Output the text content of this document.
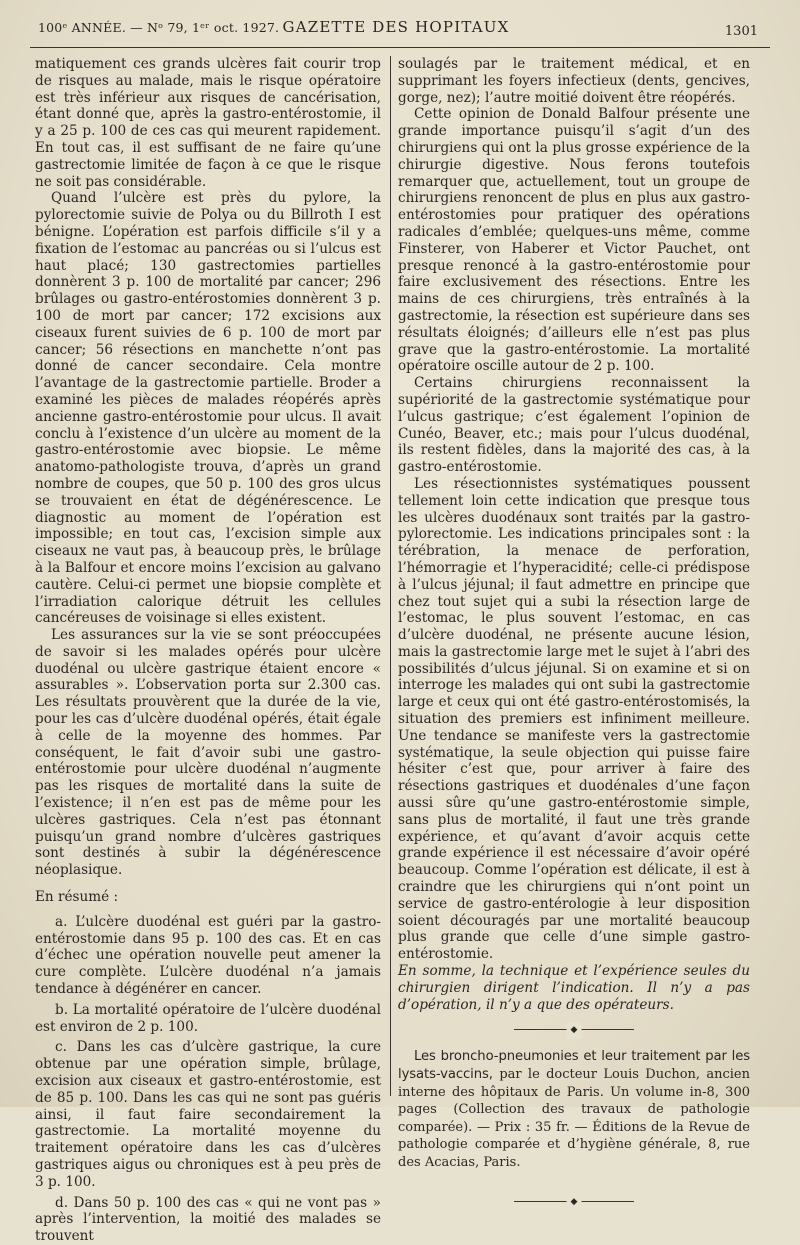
100ᵉ ANNÉE. — Nᵒ 79, 1ᵉʳ oct. 1927. GAZETTE DES HOPITAUX	1301

matiquement ces grands ulcères fait courir trop de risques au malade, mais le risque opératoire est très inférieur aux risques de cancérisation, étant donné que, après la gastro-entérostomie, il y a 25 p. 100 de ces cas qui meurent rapidement. En tout cas, il est suffisant de ne faire qu’une gastrectomie limitée de façon à ce que le risque ne soit pas considérable.

Quand l’ulcère est près du pylore, la pylorectomie suivie de Polya ou du Billroth I est bénigne. L’opération est parfois difficile s’il y a fixation de l’estomac au pancréas ou si l’ulcus est haut placé; 130 gastrectomies partielles donnèrent 3 p. 100 de mortalité par cancer; 296 brûlages ou gastro-entérostomies donnèrent 3 p. 100 de mort par cancer; 172 excisions aux ciseaux furent suivies de 6 p. 100 de mort par cancer; 56 résections en manchette n’ont pas donné de cancer secondaire. Cela montre l’avantage de la gastrectomie partielle. Broder a examiné les pièces de malades réopérés après ancienne gastro-entérostomie pour ulcus. Il avait conclu à l’existence d’un ulcère au moment de la gastro-entérostomie avec biopsie. Le même anatomo-pathologiste trouva, d’après un grand nombre de coupes, que 50 p. 100 des gros ulcus se trouvaient en état de dégénérescence. Le diagnostic au moment de l’opération est impossible; en tout cas, l’excision simple aux ciseaux ne vaut pas, à beaucoup près, le brûlage à la Balfour et encore moins l’excision au galvano cautère. Celui-ci permet une biopsie complète et l’irradiation calorique détruit les cellules cancéreuses de voisinage si elles existent.

Les assurances sur la vie se sont préoccupées de savoir si les malades opérés pour ulcère duodénal ou ulcère gastrique étaient encore « assurables ». L’observation porta sur 2.300 cas. Les résultats prouvèrent que la durée de la vie, pour les cas d’ulcère duodénal opérés, était égale à celle de la moyenne des hommes. Par conséquent, le fait d’avoir subi une gastro-entérostomie pour ulcère duodénal n’augmente pas les risques de mortalité dans la suite de l’existence; il n’en est pas de même pour les ulcères gastriques. Cela n’est pas étonnant puisqu’un grand nombre d’ulcères gastriques sont destinés à subir la dégénérescence néoplasique.

En résumé :

a. L’ulcère duodénal est guéri par la gastro-entérostomie dans 95 p. 100 des cas. Et en cas d’échec une opération nouvelle peut amener la cure complète. L’ulcère duodénal n’a jamais tendance à dégénérer en cancer.

b. La mortalité opératoire de l’ulcère duodénal est environ de 2 p. 100.

c. Dans les cas d’ulcère gastrique, la cure obtenue par une opération simple, brûlage, excision aux ciseaux et gastro-entérostomie, est de 85 p. 100. Dans les cas qui ne sont pas guéris ainsi, il faut faire secondairement la gastrectomie. La mortalité moyenne du traitement opératoire dans les cas d’ulcères gastriques aigus ou chroniques est à peu près de 3 p. 100.

d. Dans 50 p. 100 des cas « qui ne vont pas » après l’intervention, la moitié des malades se trouvent

soulagés par le traitement médical, et en supprimant les foyers infectieux (dents, gencives, gorge, nez); l’autre moitié doivent être réopérés.

Cette opinion de Donald Balfour présente une grande importance puisqu’il s’agit d’un des chirurgiens qui ont la plus grosse expérience de la chirurgie digestive. Nous ferons toutefois remarquer que, actuellement, tout un groupe de chirurgiens renoncent de plus en plus aux gastro-entérostomies pour pratiquer des opérations radicales d’emblée; quelques-uns même, comme Finsterer, von Haberer et Victor Pauchet, ont presque renoncé à la gastro-entérostomie pour faire exclusivement des résections. Entre les mains de ces chirurgiens, très entraînés à la gastrectomie, la résection est supérieure dans ses résultats éloignés; d’ailleurs elle n’est pas plus grave que la gastro-entérostomie. La mortalité opératoire oscille autour de 2 p. 100.

Certains chirurgiens reconnaissent la supériorité de la gastrectomie systématique pour l’ulcus gastrique; c’est également l’opinion de Cunéo, Beaver, etc.; mais pour l’ulcus duodénal, ils restent fidèles, dans la majorité des cas, à la gastro-entérostomie.

Les résectionnistes systématiques poussent tellement loin cette indication que presque tous les ulcères duodénaux sont traités par la gastro-pylorectomie. Les indications principales sont : la térébration, la menace de perforation, l’hémorragie et l’hyperacidité; celle-ci prédispose à l’ulcus jéjunal; il faut admettre en principe que chez tout sujet qui a subi la résection large de l’estomac, le plus souvent l’estomac, en cas d’ulcère duodénal, ne présente aucune lésion, mais la gastrectomie large met le sujet à l’abri des possibilités d’ulcus jéjunal. Si on examine et si on interroge les malades qui ont subi la gastrectomie large et ceux qui ont été gastro-entérostomisés, la situation des premiers est infiniment meilleure. Une tendance se manifeste vers la gastrectomie systématique, la seule objection qui puisse faire hésiter c’est que, pour arriver à faire des résections gastriques et duodénales d’une façon aussi sûre qu’une gastro-entérostomie simple, sans plus de mortalité, il faut une très grande expérience, et qu’avant d’avoir acquis cette grande expérience il est nécessaire d’avoir opéré beaucoup. Comme l’opération est délicate, il est à craindre que les chirurgiens qui n’ont point un service de gastro-entérologie à leur disposition soient découragés par une mortalité beaucoup plus grande que celle d’une simple gastro-entérostomie.

En somme, la technique et l’expérience seules du chirurgien dirigent l’indication. Il n’y a pas d’opération, il n’y a que des opérateurs.

◆

Les broncho-pneumonies et leur traitement par les lysats-vaccins, par le docteur Louis Duchon, ancien interne des hôpitaux de Paris. Un volume in-8, 300 pages (Collection des travaux de pathologie comparée). — Prix : 35 fr. — Éditions de la Revue de pathologie comparée et d’hygiène générale, 8, rue des Acacias, Paris.

◆
